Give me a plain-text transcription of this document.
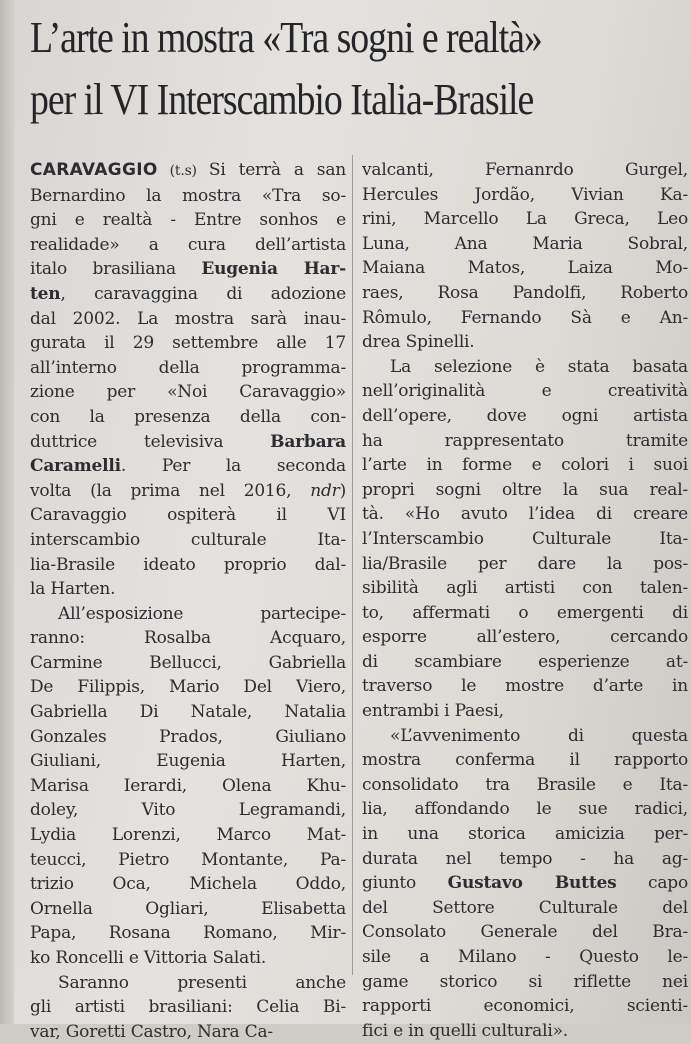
L’arte in mostra «Tra sogni e realtà»
per il VI Interscambio Italia-Brasile
CARAVAGGIO (t.s) Si terrà a san
Bernardino la mostra «Tra so-
gni e realtà - Entre sonhos e
realidade» a cura dell’artista
italo brasiliana Eugenia Har-
ten, caravaggina di adozione
dal 2002. La mostra sarà inau-
gurata il 29 settembre alle 17
all’interno della programma-
zione per «Noi Caravaggio»
con la presenza della con-
duttrice televisiva Barbara
Caramelli. Per la seconda
volta (la prima nel 2016, ndr)
Caravaggio ospiterà il VI
interscambio culturale Ita-
lia-Brasile ideato proprio dal-
la Harten.
All’esposizione partecipe-
ranno: Rosalba Acquaro,
Carmine Bellucci, Gabriella
De Filippis, Mario Del Viero,
Gabriella Di Natale, Natalia
Gonzales Prados, Giuliano
Giuliani, Eugenia Harten,
Marisa Ierardi, Olena Khu-
doley, Vito Legramandi,
Lydia Lorenzi, Marco Mat-
teucci, Pietro Montante, Pa-
trizio Oca, Michela Oddo,
Ornella Ogliari, Elisabetta
Papa, Rosana Romano, Mir-
ko Roncelli e Vittoria Salati.
Saranno presenti anche
gli artisti brasiliani: Celia Bi-
var, Goretti Castro, Nara Ca-
valcanti, Fernanrdo Gurgel,
Hercules Jordão, Vivian Ka-
rini, Marcello La Greca, Leo
Luna, Ana Maria Sobral,
Maiana Matos, Laiza Mo-
raes, Rosa Pandolfi, Roberto
Rômulo, Fernando Sà e An-
drea Spinelli.
La selezione è stata basata
nell’originalità e creatività
dell’opere, dove ogni artista
ha rappresentato tramite
l’arte in forme e colori i suoi
propri sogni oltre la sua real-
tà. «Ho avuto l’idea di creare
l’Interscambio Culturale Ita-
lia/Brasile per dare la pos-
sibilità agli artisti con talen-
to, affermati o emergenti di
esporre all’estero, cercando
di scambiare esperienze at-
traverso le mostre d’arte in
entrambi i Paesi,
«L’avvenimento di questa
mostra conferma il rapporto
consolidato tra Brasile e Ita-
lia, affondando le sue radici,
in una storica amicizia per-
durata nel tempo - ha ag-
giunto Gustavo Buttes capo
del Settore Culturale del
Consolato Generale del Bra-
sile a Milano - Questo le-
game storico si riflette nei
rapporti economici, scienti-
fici e in quelli culturali».
